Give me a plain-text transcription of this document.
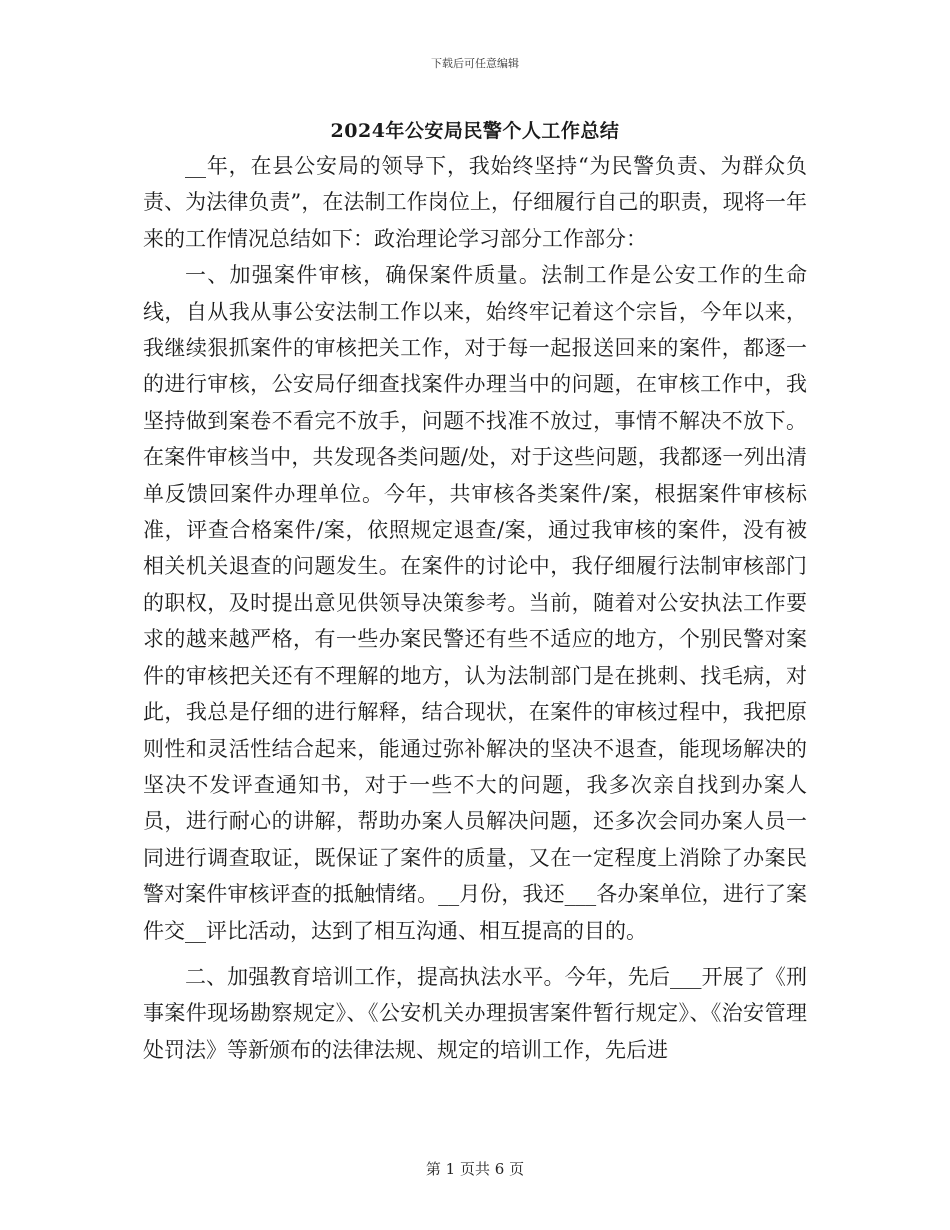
下载后可任意编辑
2024年公安局民警个人工作总结

__年，在县公安局的领导下，我始终坚持“为民警负责、为群众负责、为法律负责”，在法制工作岗位上，仔细履行自己的职责，现将一年来的工作情况总结如下：政治理论学习部分工作部分：

一、加强案件审核，确保案件质量。法制工作是公安工作的生命线，自从我从事公安法制工作以来，始终牢记着这个宗旨，今年以来，我继续狠抓案件的审核把关工作，对于每一起报送回来的案件，都逐一的进行审核，公安局仔细查找案件办理当中的问题，在审核工作中，我坚持做到案卷不看完不放手，问题不找准不放过，事情不解决不放下。在案件审核当中，共发现各类问题/处，对于这些问题，我都逐一列出清单反馈回案件办理单位。今年，共审核各类案件/案，根据案件审核标准，评查合格案件/案，依照规定退查/案，通过我审核的案件，没有被相关机关退查的问题发生。在案件的讨论中，我仔细履行法制审核部门的职权，及时提出意见供领导决策参考。当前，随着对公安执法工作要求的越来越严格，有一些办案民警还有些不适应的地方，个别民警对案件的审核把关还有不理解的地方，认为法制部门是在挑刺、找毛病，对此，我总是仔细的进行解释，结合现状，在案件的审核过程中，我把原则性和灵活性结合起来，能通过弥补解决的坚决不退查，能现场解决的坚决不发评查通知书，对于一些不大的问题，我多次亲自找到办案人员，进行耐心的讲解，帮助办案人员解决问题，还多次会同办案人员一同进行调查取证，既保证了案件的质量，又在一定程度上消除了办案民警对案件审核评查的抵触情绪。__月份，我还___各办案单位，进行了案件交__评比活动，达到了相互沟通、相互提高的目的。

二、加强教育培训工作，提高执法水平。今年，先后___开展了《刑事案件现场勘察规定》、《公安机关办理损害案件暂行规定》、《治安管理处罚法》等新颁布的法律法规、规定的培训工作，先后进

第 1 页共 6 页
